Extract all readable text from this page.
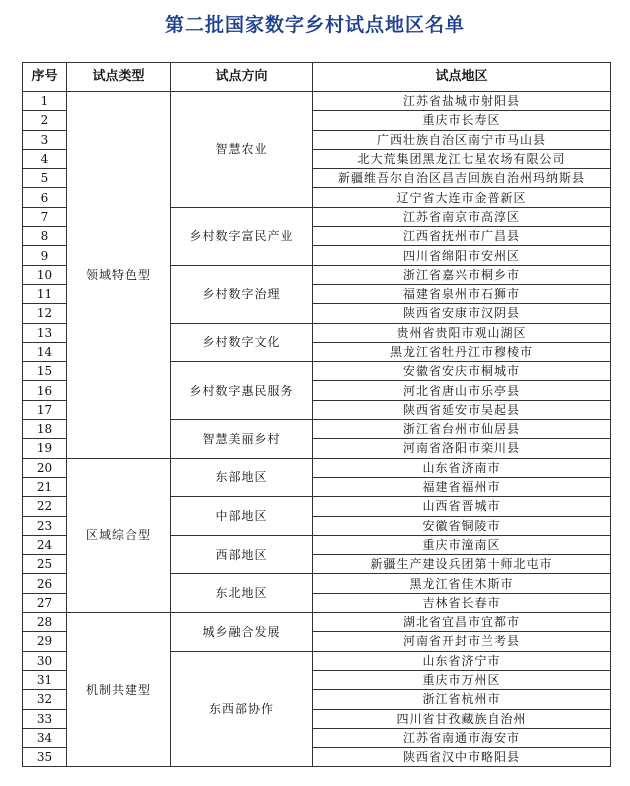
第二批国家数字乡村试点地区名单
序号	试点类型	试点方向	试点地区
1	领域特色型	智慧农业	江苏省盐城市射阳县
2			重庆市长寿区
3			广西壮族自治区南宁市马山县
4			北大荒集团黑龙江七星农场有限公司
5			新疆维吾尔自治区昌吉回族自治州玛纳斯县
6			辽宁省大连市金普新区
7		乡村数字富民产业	江苏省南京市高淳区
8			江西省抚州市广昌县
9			四川省绵阳市安州区
10		乡村数字治理	浙江省嘉兴市桐乡市
11			福建省泉州市石狮市
12			陕西省安康市汉阴县
13		乡村数字文化	贵州省贵阳市观山湖区
14			黑龙江省牡丹江市穆棱市
15		乡村数字惠民服务	安徽省安庆市桐城市
16			河北省唐山市乐亭县
17			陕西省延安市吴起县
18		智慧美丽乡村	浙江省台州市仙居县
19			河南省洛阳市栾川县
20	区域综合型	东部地区	山东省济南市
21			福建省福州市
22		中部地区	山西省晋城市
23			安徽省铜陵市
24		西部地区	重庆市潼南区
25			新疆生产建设兵团第十师北屯市
26		东北地区	黑龙江省佳木斯市
27			吉林省长春市
28	机制共建型	城乡融合发展	湖北省宜昌市宜都市
29			河南省开封市兰考县
30		东西部协作	山东省济宁市
31			重庆市万州区
32			浙江省杭州市
33			四川省甘孜藏族自治州
34			江苏省南通市海安市
35			陕西省汉中市略阳县
